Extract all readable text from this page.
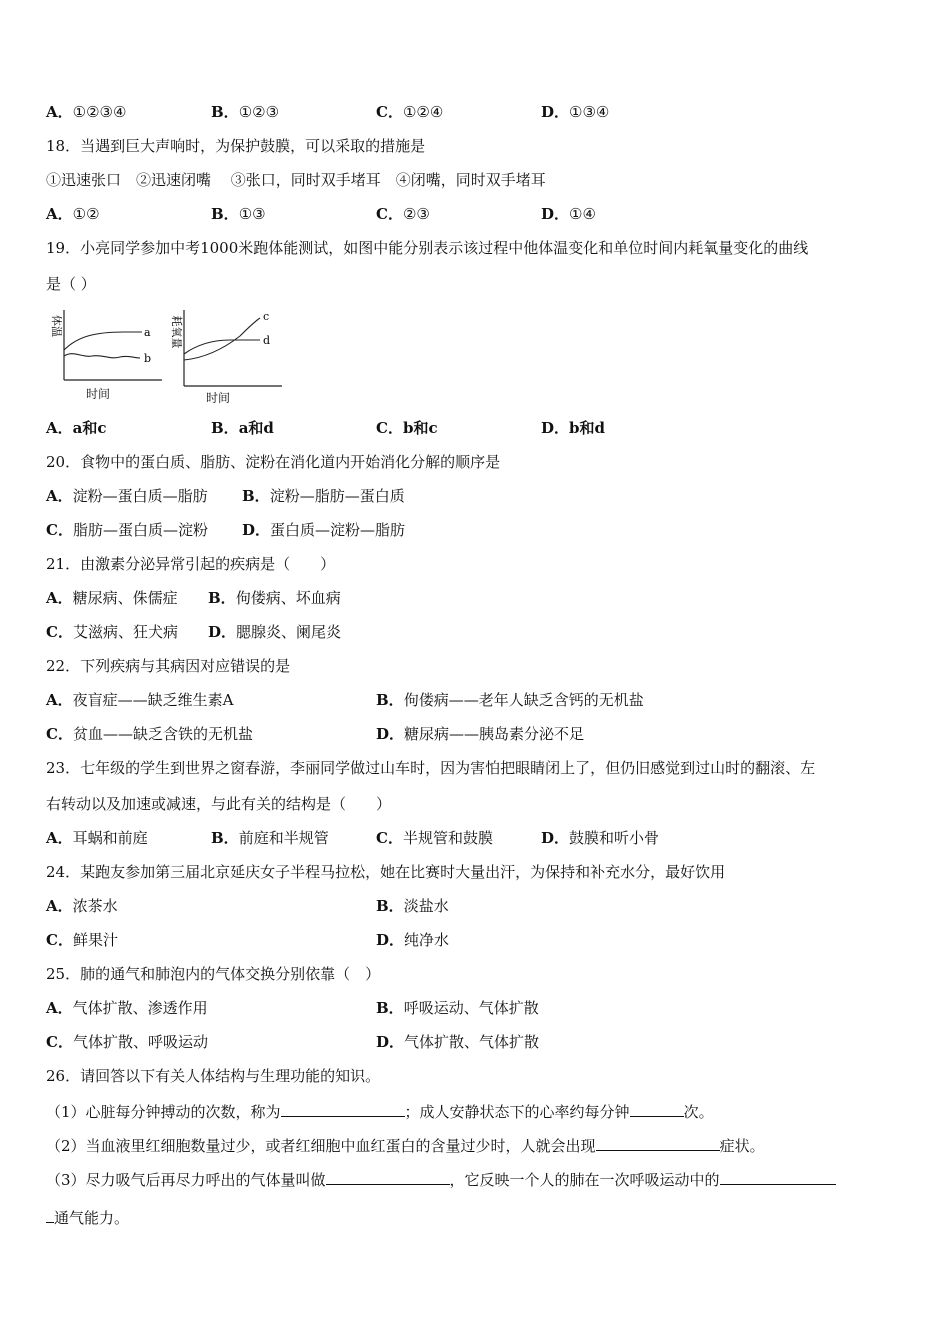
A．①②③④	B．①②③	C．①②④	D．①③④
18．当遇到巨大声响时，为保护鼓膜，可以采取的措施是
①迅速张口　②迅速闭嘴　 ③张口，同时双手堵耳　④闭嘴，同时双手堵耳
A．①②	B．①③	C．②③	D．①④
19．小亮同学参加中考1000米跑体能测试，如图中能分别表示该过程中他体温变化和单位时间内耗氧量变化的曲线
是（ ）
体温	a
b
耗氧量	c
d
时间	时间
A．a和c	B．a和d	C．b和c	D．b和d
20．食物中的蛋白质、脂肪、淀粉在消化道内开始消化分解的顺序是
A．淀粉—蛋白质—脂肪 B．淀粉—脂肪—蛋白质
C．脂肪—蛋白质—淀粉 D．蛋白质—淀粉—脂肪
21．由激素分泌异常引起的疾病是（　　）
A．糖尿病、侏儒症 B．佝偻病、坏血病
C．艾滋病、狂犬病 D．腮腺炎、阑尾炎
22．下列疾病与其病因对应错误的是
A．夜盲症——缺乏维生素A	B．佝偻病——老年人缺乏含钙的无机盐
C．贫血——缺乏含铁的无机盐	D．糖尿病——胰岛素分泌不足
23．七年级的学生到世界之窗春游，李丽同学做过山车时，因为害怕把眼睛闭上了，但仍旧感觉到过山时的翻滚、左
右转动以及加速或减速，与此有关的结构是（　　）
A．耳蜗和前庭	B．前庭和半规管	C．半规管和鼓膜	D．鼓膜和听小骨
24．某跑友参加第三届北京延庆女子半程马拉松，她在比赛时大量出汗，为保持和补充水分，最好饮用
A．浓茶水	B．淡盐水
C．鲜果汁	D．纯净水
25．肺的通气和肺泡内的气体交换分别依靠（　）
A．气体扩散、渗透作用	B．呼吸运动、气体扩散
C．气体扩散、呼吸运动	D．气体扩散、气体扩散
26．请回答以下有关人体结构与生理功能的知识。
（1）心脏每分钟搏动的次数，称为	；成人安静状态下的心率约每分钟	次。
（2）当血液里红细胞数量过少，或者红细胞中血红蛋白的含量过少时，人就会出现	症状。
（3）尽力吸气后再尽力呼出的气体量叫做	，它反映一个人的肺在一次呼吸运动中的
通气能力。
